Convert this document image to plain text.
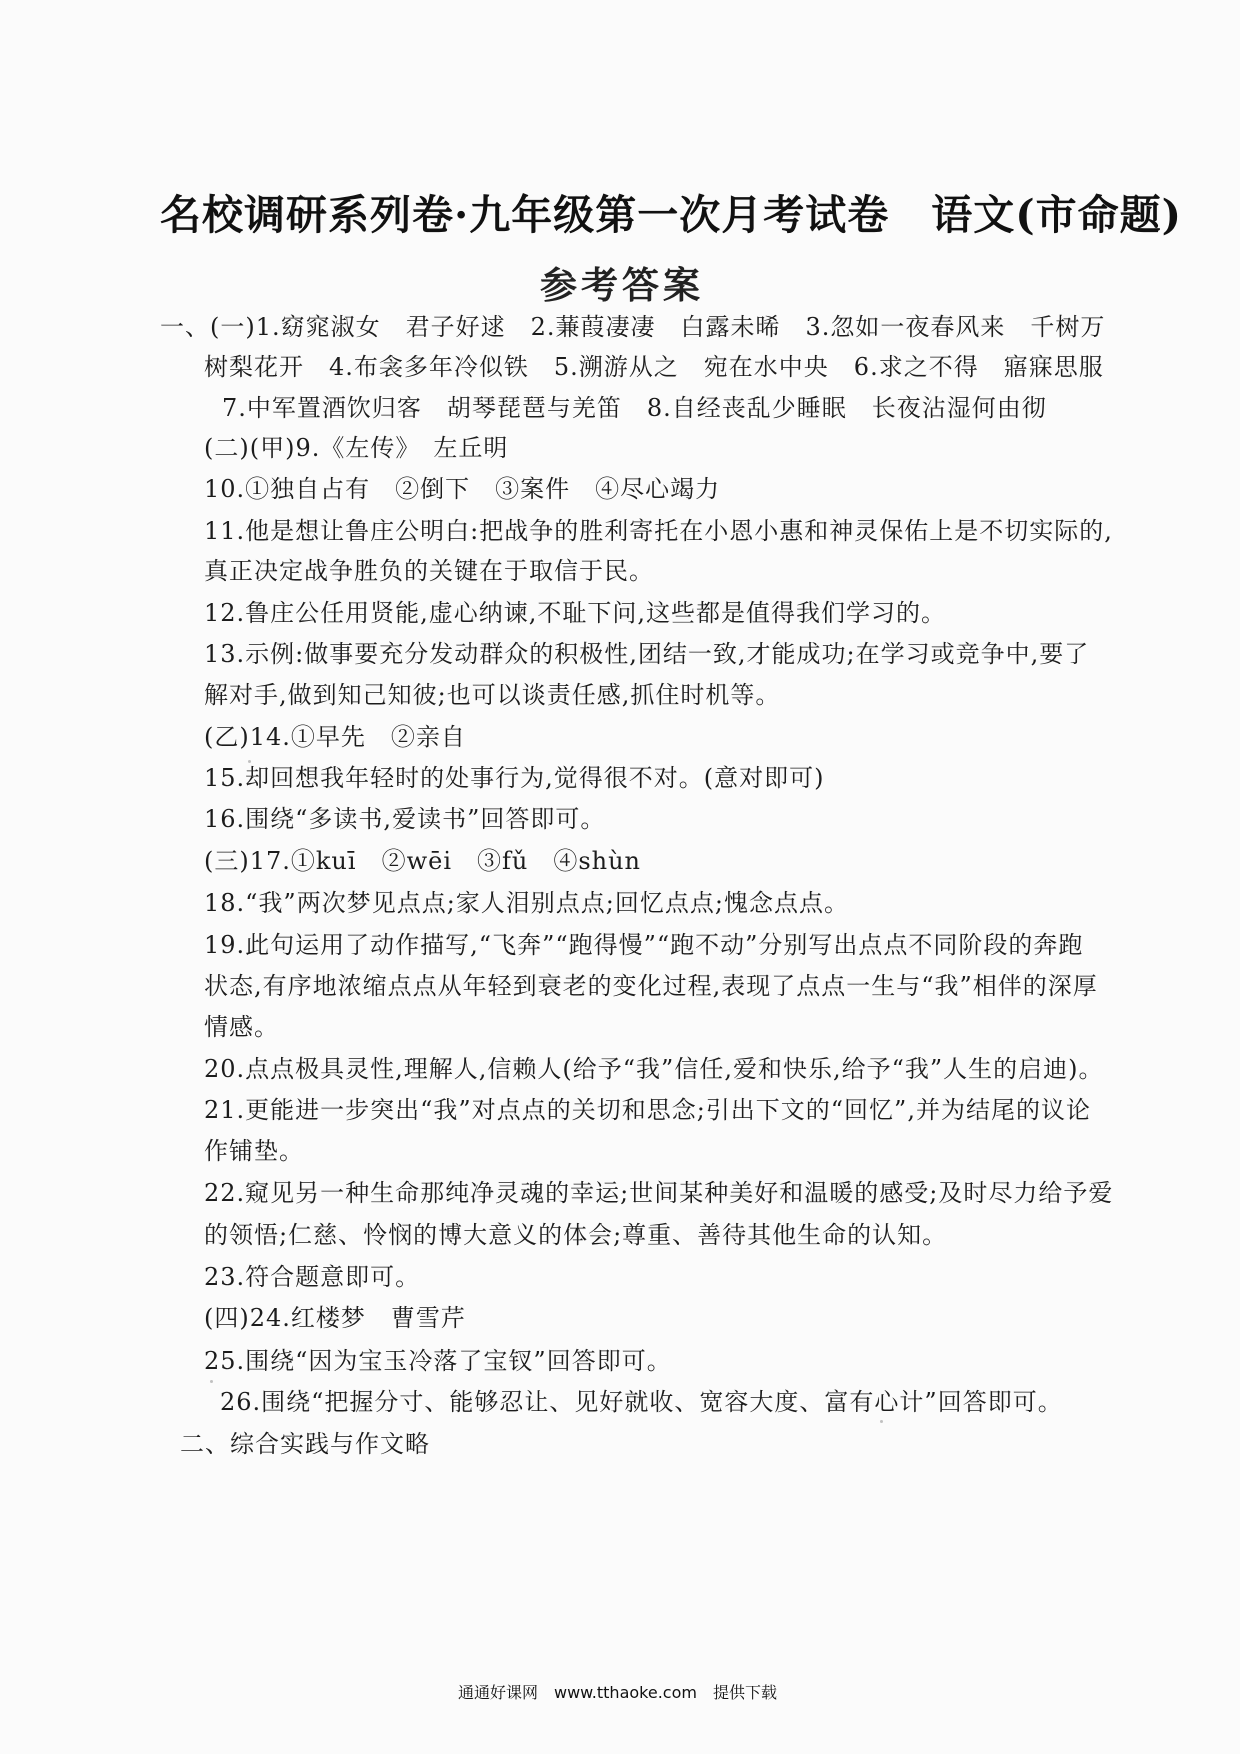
名校调研系列卷·九年级第一次月考试卷　语文(市命题)
参考答案
一、(一)1.窈窕淑女　君子好逑　2.蒹葭凄凄　白露未晞　3.忽如一夜春风来　千树万
树梨花开　4.布衾多年冷似铁　5.溯游从之　宛在水中央　6.求之不得　寤寐思服
7.中军置酒饮归客　胡琴琵琶与羌笛　8.自经丧乱少睡眠　长夜沾湿何由彻
(二)(甲)9.《左传》　左丘明
10.①独自占有　②倒下　③案件　④尽心竭力
11.他是想让鲁庄公明白:把战争的胜利寄托在小恩小惠和神灵保佑上是不切实际的,
真正决定战争胜负的关键在于取信于民。
12.鲁庄公任用贤能,虚心纳谏,不耻下问,这些都是值得我们学习的。
13.示例:做事要充分发动群众的积极性,团结一致,才能成功;在学习或竞争中,要了
解对手,做到知己知彼;也可以谈责任感,抓住时机等。
(乙)14.①早先　②亲自
15.却回想我年轻时的处事行为,觉得很不对。(意对即可)
16.围绕“多读书,爱读书”回答即可。
(三)17.①kuī　②wēi　③fǔ　④shùn
18.“我”两次梦见点点;家人泪别点点;回忆点点;愧念点点。
19.此句运用了动作描写,“飞奔”“跑得慢”“跑不动”分别写出点点不同阶段的奔跑
状态,有序地浓缩点点从年轻到衰老的变化过程,表现了点点一生与“我”相伴的深厚
情感。
20.点点极具灵性,理解人,信赖人(给予“我”信任,爱和快乐,给予“我”人生的启迪)。
21.更能进一步突出“我”对点点的关切和思念;引出下文的“回忆”,并为结尾的议论
作铺垫。
22.窥见另一种生命那纯净灵魂的幸运;世间某种美好和温暖的感受;及时尽力给予爱
的领悟;仁慈、怜悯的博大意义的体会;尊重、善待其他生命的认知。
23.符合题意即可。
(四)24.红楼梦　曹雪芹
25.围绕“因为宝玉冷落了宝钗”回答即可。
26.围绕“把握分寸、能够忍让、见好就收、宽容大度、富有心计”回答即可。
二、综合实践与作文略
通通好课网　www.tthaoke.com　提供下载
